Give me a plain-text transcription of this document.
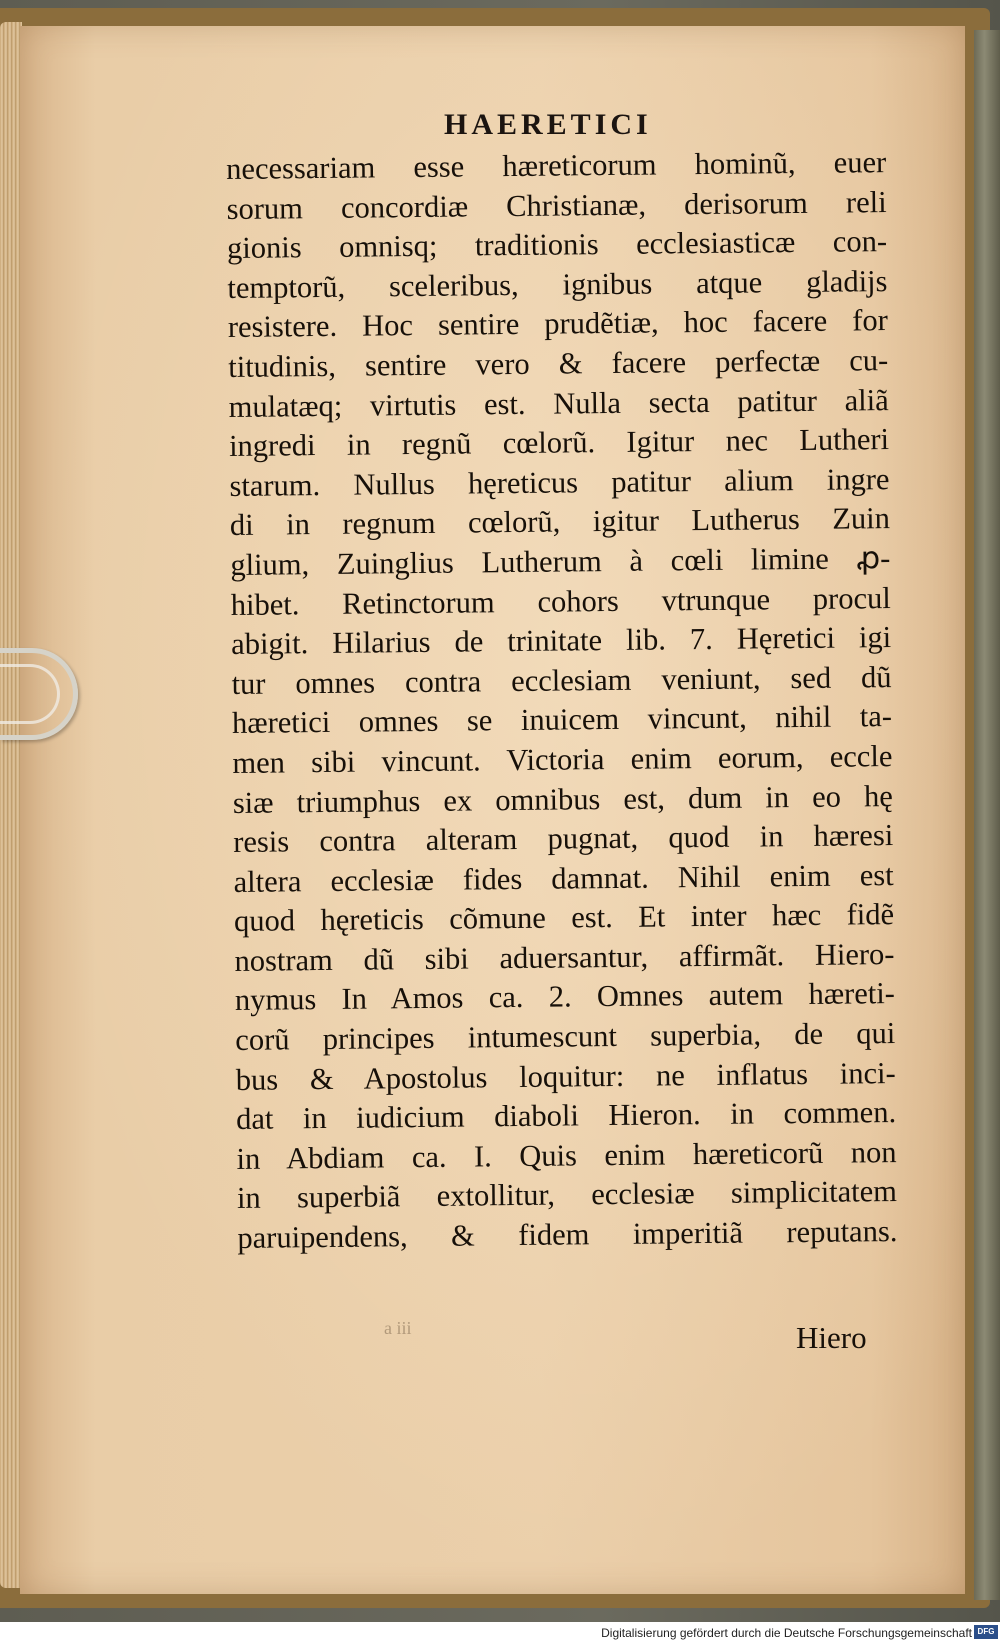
HAERETICI
necessariam esse hæreticorum hominũ, euer
sorum concordiæ Christianæ, derisorum reli
gionis omnisq; traditionis ecclesiasticæ con-
temptorũ, sceleribus, ignibus atque gladijs
resistere. Hoc sentire prudẽtiæ, hoc facere for
titudinis, sentire vero & facere perfectæ cu-
mulatæq; virtutis est. Nulla secta patitur aliã
ingredi in regnũ cœlorũ. Igitur nec Lutheri
starum. Nullus hęreticus patitur alium ingre
di in regnum cœlorũ, igitur Lutherus Zuin
glium, Zuinglius Lutherum à cœli limine ꝓ-
hibet. Retinctorum cohors vtrunque procul
abigit. Hilarius de trinitate lib. 7. Hęretici igi
tur omnes contra ecclesiam veniunt, sed dũ
hæretici omnes se inuicem vincunt, nihil ta-
men sibi vincunt. Victoria enim eorum, eccle
siæ triumphus ex omnibus est, dum in eo hę
resis contra alteram pugnat, quod in hæresi
altera ecclesiæ fides damnat. Nihil enim est
quod hęreticis cõmune est. Et inter hæc fidẽ
nostram dũ sibi aduersantur, affirmãt. Hiero-
nymus In Amos ca. 2. Omnes autem hæreti-
corũ principes intumescunt superbia, de qui
bus & Apostolus loquitur: ne inflatus inci-
dat in iudicium diaboli Hieron. in commen.
in Abdiam ca. I. Quis enim hæreticorũ non
in superbiã extollitur, ecclesiæ simplicitatem
paruipendens, & fidem imperitiã reputans.
a iii	Hiero
Digitalisierung gefördert durch die Deutsche Forschungsgemeinschaft DFG
